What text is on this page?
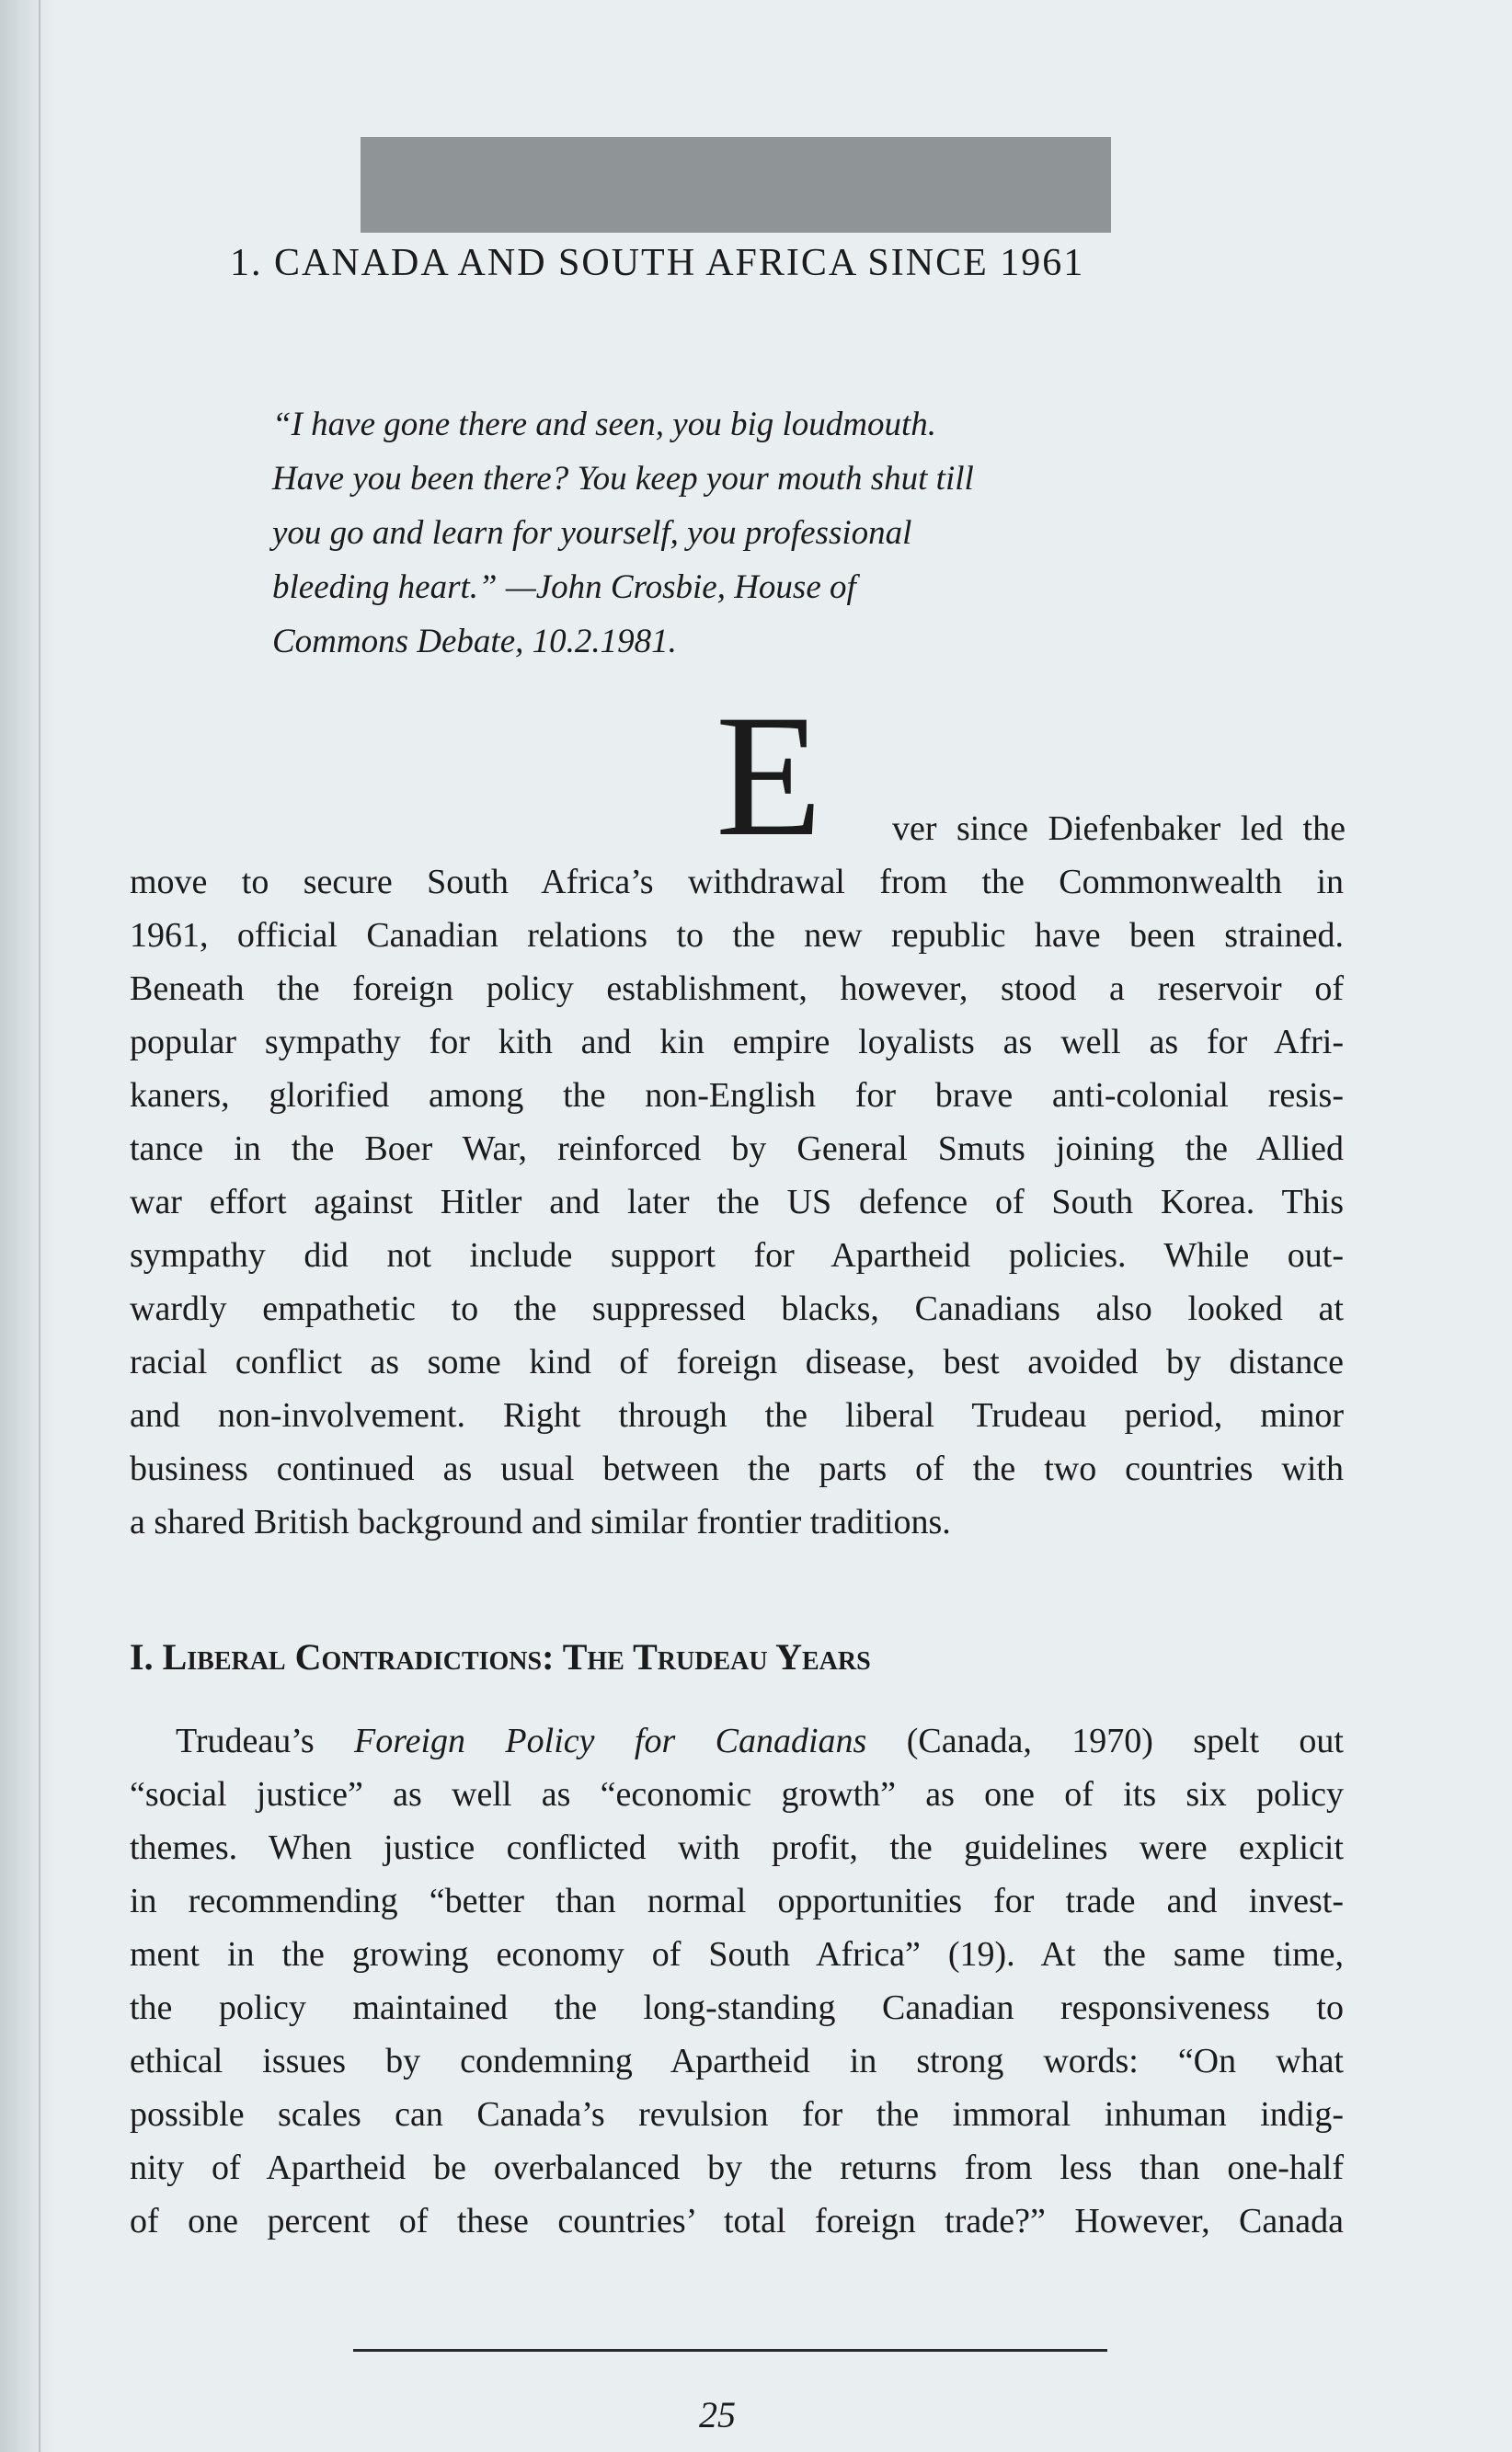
1. CANADA AND SOUTH AFRICA SINCE 1961
“I have gone there and seen, you big loudmouth.
Have you been there? You keep your mouth shut till
you go and learn for yourself, you professional
bleeding heart.” —John Crosbie, House of
Commons Debate, 10.2.1981.
E ver since Diefenbaker led the
move to secure South Africa’s withdrawal from the Commonwealth in
1961, official Canadian relations to the new republic have been strained.
Beneath the foreign policy establishment, however, stood a reservoir of
popular sympathy for kith and kin empire loyalists as well as for Afri-
kaners, glorified among the non-English for brave anti-colonial resis-
tance in the Boer War, reinforced by General Smuts joining the Allied
war effort against Hitler and later the US defence of South Korea. This
sympathy did not include support for Apartheid policies. While out-
wardly empathetic to the suppressed blacks, Canadians also looked at
racial conflict as some kind of foreign disease, best avoided by distance
and non-involvement. Right through the liberal Trudeau period, minor
business continued as usual between the parts of the two countries with
a shared British background and similar frontier traditions.
I. Liberal Contradictions: The Trudeau Years
Trudeau’s Foreign Policy for Canadians (Canada, 1970) spelt out
“social justice” as well as “economic growth” as one of its six policy
themes. When justice conflicted with profit, the guidelines were explicit
in recommending “better than normal opportunities for trade and invest-
ment in the growing economy of South Africa” (19). At the same time,
the policy maintained the long-standing Canadian responsiveness to
ethical issues by condemning Apartheid in strong words: “On what
possible scales can Canada’s revulsion for the immoral inhuman indig-
nity of Apartheid be overbalanced by the returns from less than one-half
of one percent of these countries’ total foreign trade?” However, Canada
25
